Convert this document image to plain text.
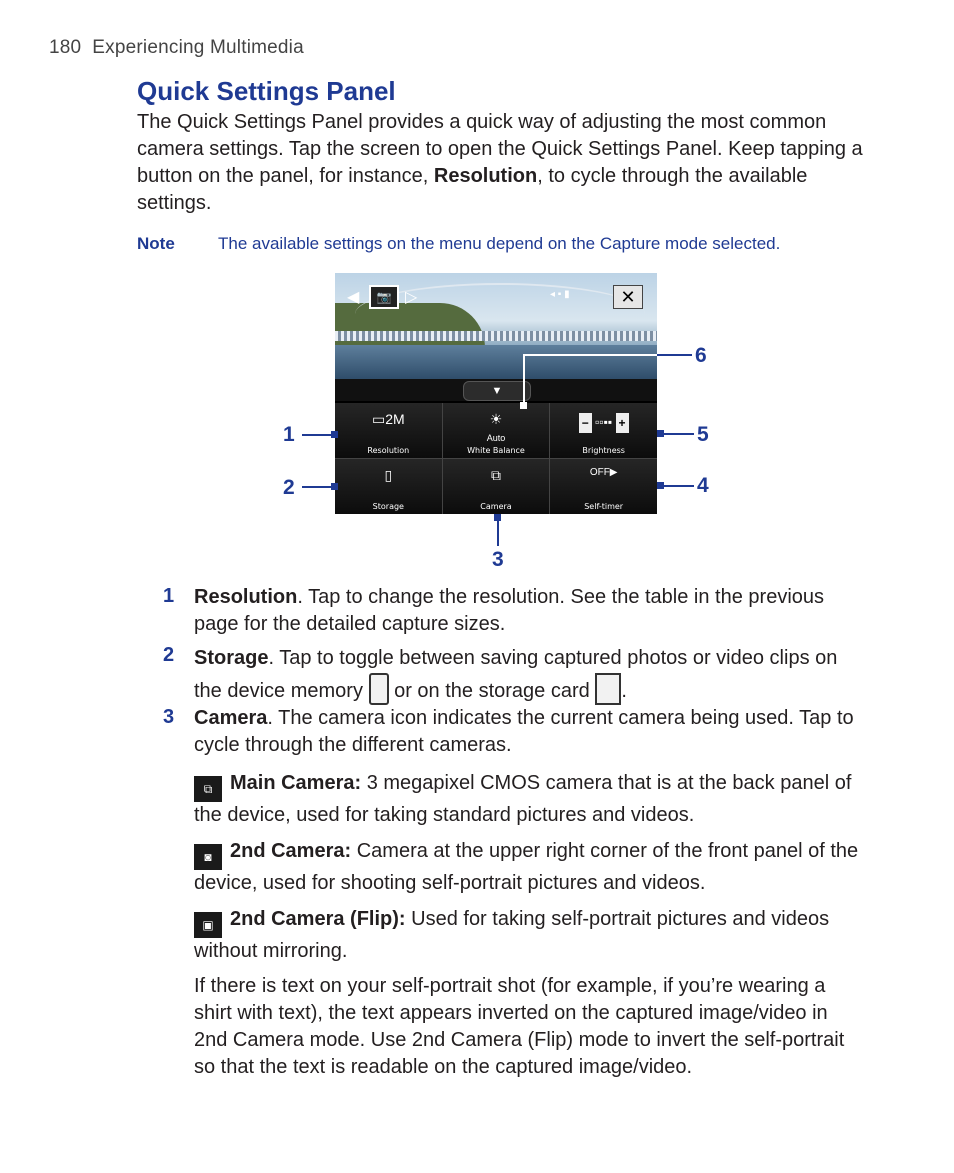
180 Experiencing Multimedia
Quick Settings Panel

The Quick Settings Panel provides a quick way of adjusting the most common camera settings. Tap the screen to open the Quick Settings Panel. Keep tapping a button on the panel, for instance, Resolution, to cycle through the available settings.

Note	The available settings on the menu depend on the Capture mode selected.
◀	📷 ▷	◂ ▪ ▮	✕
▼
▭2M
Resolution
☀
Auto
White Balance
− ▫▫▪▪ +
Brightness
▯
Storage
⧉
Camera
OFF▶
Self-timer
1
2
3
4
5
6
1 Resolution. Tap to change the resolution. See the table in the previous page for the detailed capture sizes.

2 Storage. Tap to toggle between saving captured photos or video clips on the device memory  or on the storage card .

3 Camera. The camera icon indicates the current camera being used. Tap to cycle through the different cameras.

⧉ Main Camera: 3 megapixel CMOS camera that is at the back panel of the device, used for taking standard pictures and videos.

◙ 2nd Camera: Camera at the upper right corner of the front panel of the device, used for shooting self-portrait pictures and videos.

▣ 2nd Camera (Flip): Used for taking self-portrait pictures and videos without mirroring.

If there is text on your self-portrait shot (for example, if you’re wearing a shirt with text), the text appears inverted on the captured image/video in 2nd Camera mode. Use 2nd Camera (Flip) mode to invert the self-portrait so that the text is readable on the captured image/video.
